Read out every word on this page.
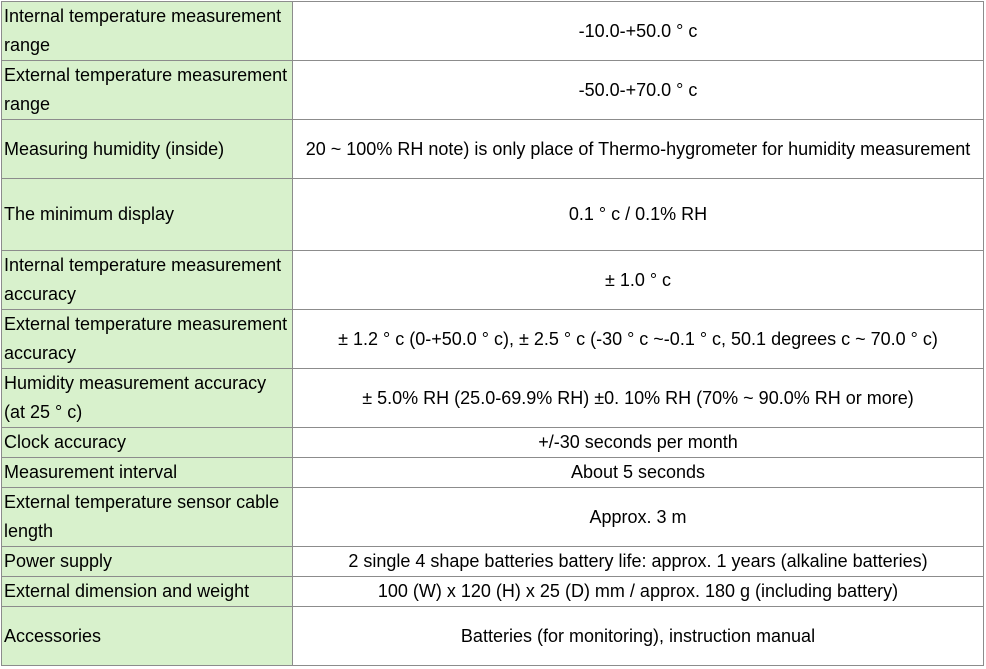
Internal temperature measurement range	-10.0-+50.0 ° c
External temperature measurement range	-50.0-+70.0 ° c
Measuring humidity (inside)	20 ~ 100% RH note) is only place of Thermo-hygrometer for humidity measurement
The minimum display	0.1 ° c / 0.1% RH
Internal temperature measurement accuracy	± 1.0 ° c
External temperature measurement accuracy	± 1.2 ° c (0-+50.0 ° c), ± 2.5 ° c (-30 ° c ~-0.1 ° c, 50.1 degrees c ~ 70.0 ° c)
Humidity measurement accuracy (at 25 ° c)	± 5.0% RH (25.0-69.9% RH) ±0. 10% RH (70% ~ 90.0% RH or more)
Clock accuracy	+/-30 seconds per month
Measurement interval	About 5 seconds
External temperature sensor cable length	Approx. 3 m
Power supply	2 single 4 shape batteries battery life: approx. 1 years (alkaline batteries)
External dimension and weight	100 (W) x 120 (H) x 25 (D) mm / approx. 180 g (including battery)
Accessories	Batteries (for monitoring), instruction manual
